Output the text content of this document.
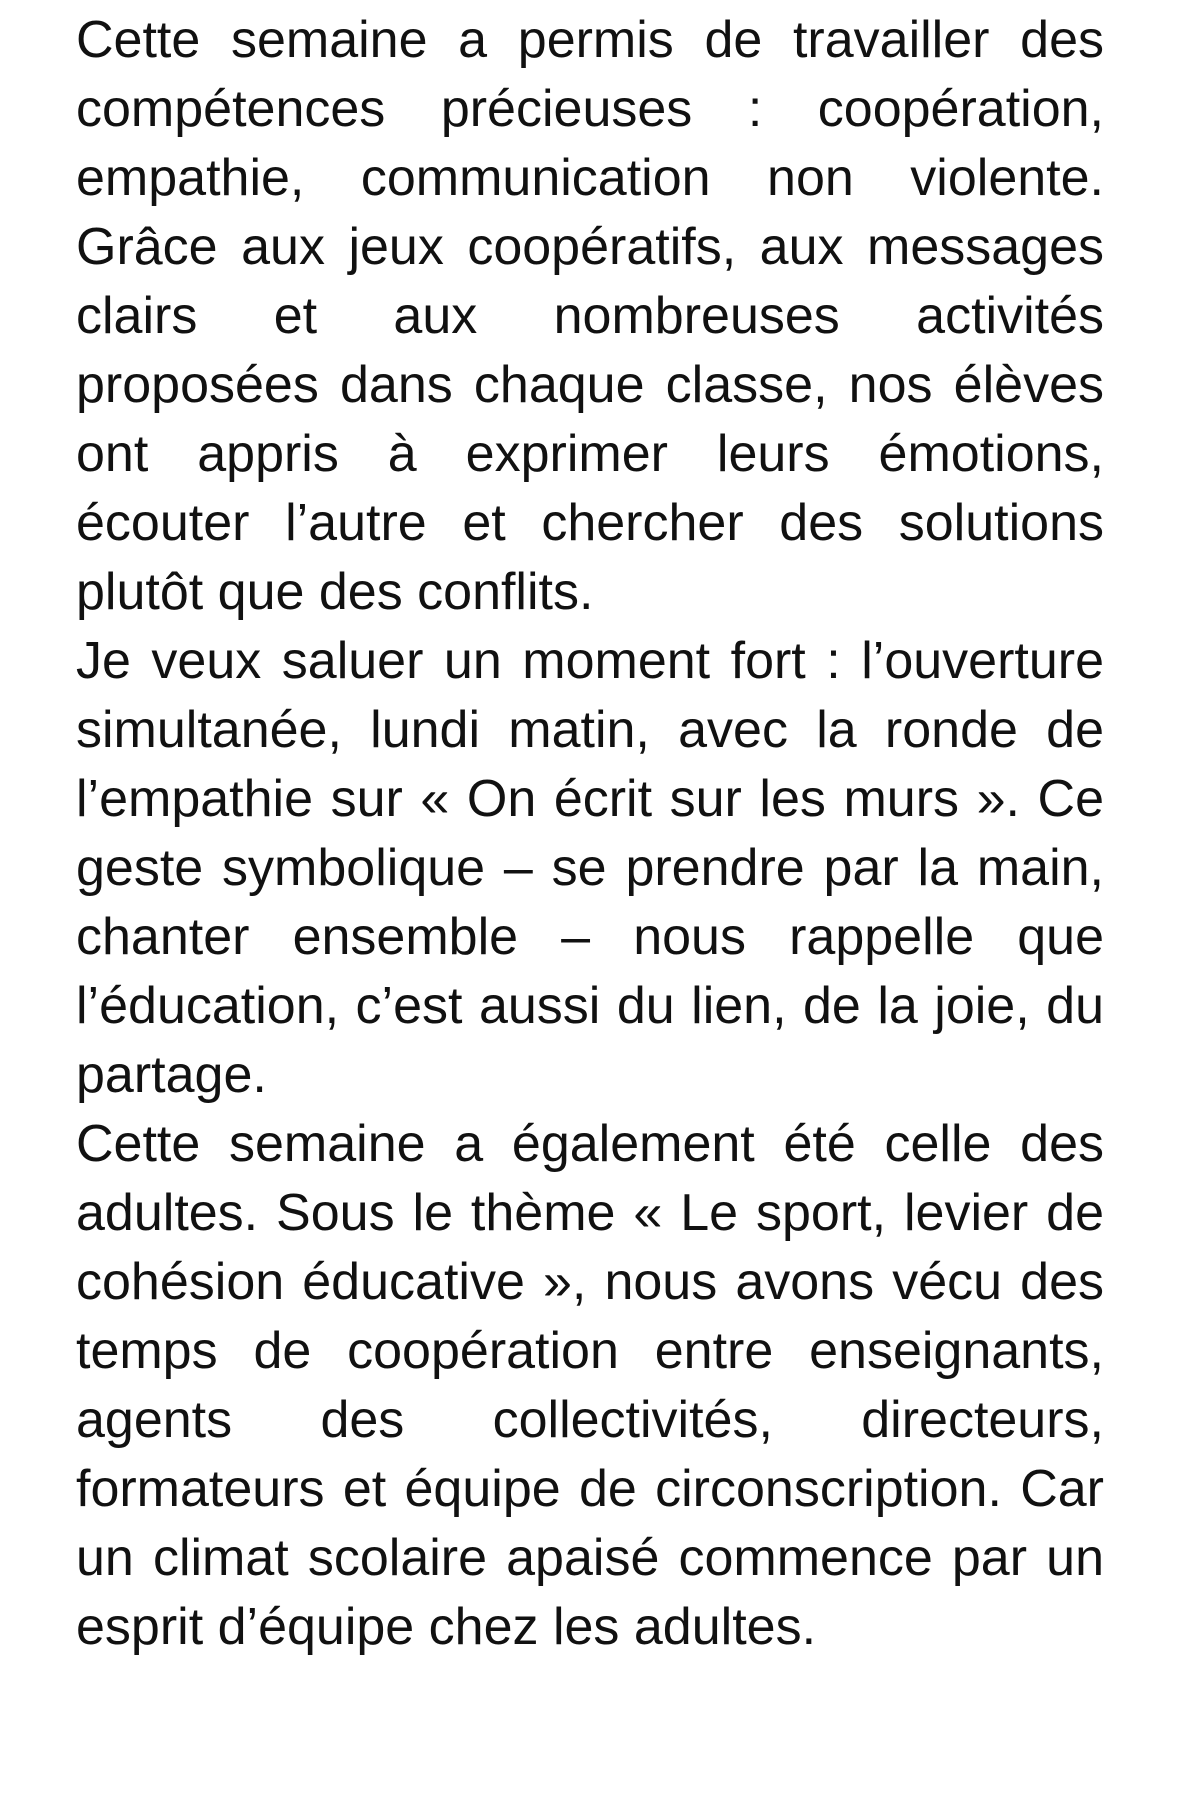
Cette semaine a permis de travailler des compétences précieuses : coopération, empathie, communication non violente. Grâce aux jeux coopératifs, aux messages clairs et aux nombreuses activités proposées dans chaque classe, nos élèves ont appris à exprimer leurs émotions, écouter l’autre et chercher des solutions plutôt que des conflits.

Je veux saluer un moment fort : l’ouverture simultanée, lundi matin, avec la ronde de l’empathie sur « On écrit sur les murs ». Ce geste symbolique – se prendre par la main, chanter ensemble – nous rappelle que l’éducation, c’est aussi du lien, de la joie, du partage.

Cette semaine a également été celle des adultes. Sous le thème « Le sport, levier de cohésion éducative », nous avons vécu des temps de coopération entre enseignants, agents des collectivités, directeurs, formateurs et équipe de circonscription. Car un climat scolaire apaisé commence par un esprit d’équipe chez les adultes.
